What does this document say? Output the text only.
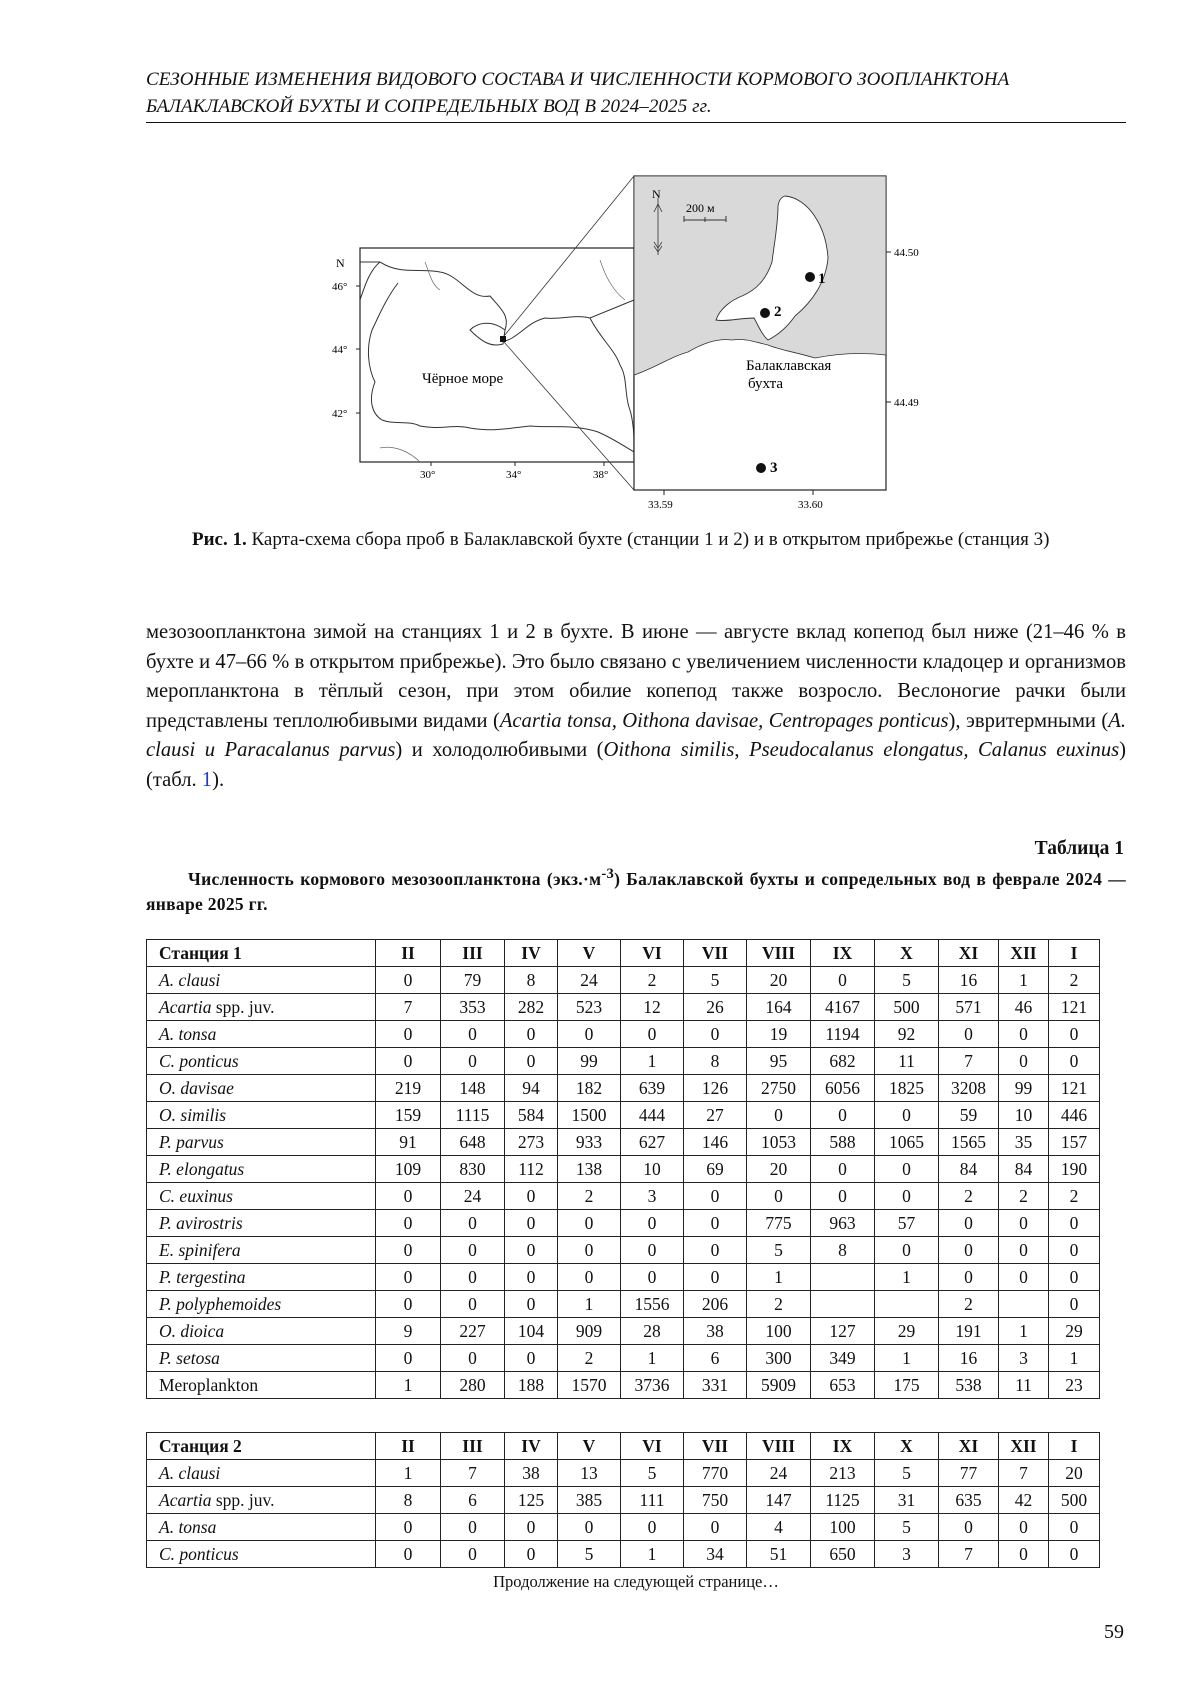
СЕЗОННЫЕ ИЗМЕНЕНИЯ ВИДОВОГО СОСТАВА И ЧИСЛЕННОСТИ КОРМОВОГО ЗООПЛАНКТОНА
БАЛАКЛАВСКОЙ БУХТЫ И СОПРЕДЕЛЬНЫХ ВОД В 2024–2025 гг.
N
46°
44°
42°
30°	34°	38°
Чёрное море
N
200 м
44.50
44.49
33.59	33.60
Балаклавская
бухта
1
2
3
Рис. 1. Карта-схема сбора проб в Балаклавской бухте (станции 1 и 2) и в открытом прибрежье (станция 3)
мезозоопланктона зимой на станциях 1 и 2 в бухте. В июне — августе вклад копепод был ниже (21–46 % в бухте и 47–66 % в открытом прибрежье). Это было связано с увеличением численности кладоцер и организмов меропланктона в тёплый сезон, при этом обилие копепод также возросло. Веслоногие рачки были представлены теплолюбивыми видами (Acartia tonsa, Oithona davisae, Centropages ponticus), эвритермными (A. clausi и Paracalanus parvus) и холодолюбивыми (Oithona similis, Pseudocalanus elongatus, Calanus euxinus) (табл. 1).
Таблица 1
Численность кормового мезозоопланктона $(экз.\cdot м^{-3})$ Балаклавской бухты и сопредельных вод в феврале 2024 — январе 2025 гг.
Станция 1	II	III	IV	V	VI	VII	VIII	IX	X	XI	XII	I
A. clausi	0	79	8	24	2	5	20	0	5	16	1	2
Acartia spp. juv.	7	353	282	523	12	26	164	4167	500	571	46	121
A. tonsa	0	0	0	0	0	0	19	1194	92	0	0	0
C. ponticus	0	0	0	99	1	8	95	682	11	7	0	0
O. davisae	219	148	94	182	639	126	2750	6056	1825	3208	99	121
O. similis	159	1115	584	1500	444	27	0	0	0	59	10	446
P. parvus	91	648	273	933	627	146	1053	588	1065	1565	35	157
P. elongatus	109	830	112	138	10	69	20	0	0	84	84	190
C. euxinus	0	24	0	2	3	0	0	0	0	2	2	2
P. avirostris	0	0	0	0	0	0	775	963	57	0	0	0
E. spinifera	0	0	0	0	0	0	5	8	0	0	0	0
P. tergestina	0	0	0	0	0	0	1		1	0	0	0
P. polyphemoides	0	0	0	1	1556	206	2			2		0
O. dioica	9	227	104	909	28	38	100	127	29	191	1	29
P. setosa	0	0	0	2	1	6	300	349	1	16	3	1
Meroplankton	1	280	188	1570	3736	331	5909	653	175	538	11	23
Станция 2	II	III	IV	V	VI	VII	VIII	IX	X	XI	XII	I
A. clausi	1	7	38	13	5	770	24	213	5	77	7	20
Acartia spp. juv.	8	6	125	385	111	750	147	1125	31	635	42	500
A. tonsa	0	0	0	0	0	0	4	100	5	0	0	0
C. ponticus	0	0	0	5	1	34	51	650	3	7	0	0
Продолжение на следующей странице…
59
